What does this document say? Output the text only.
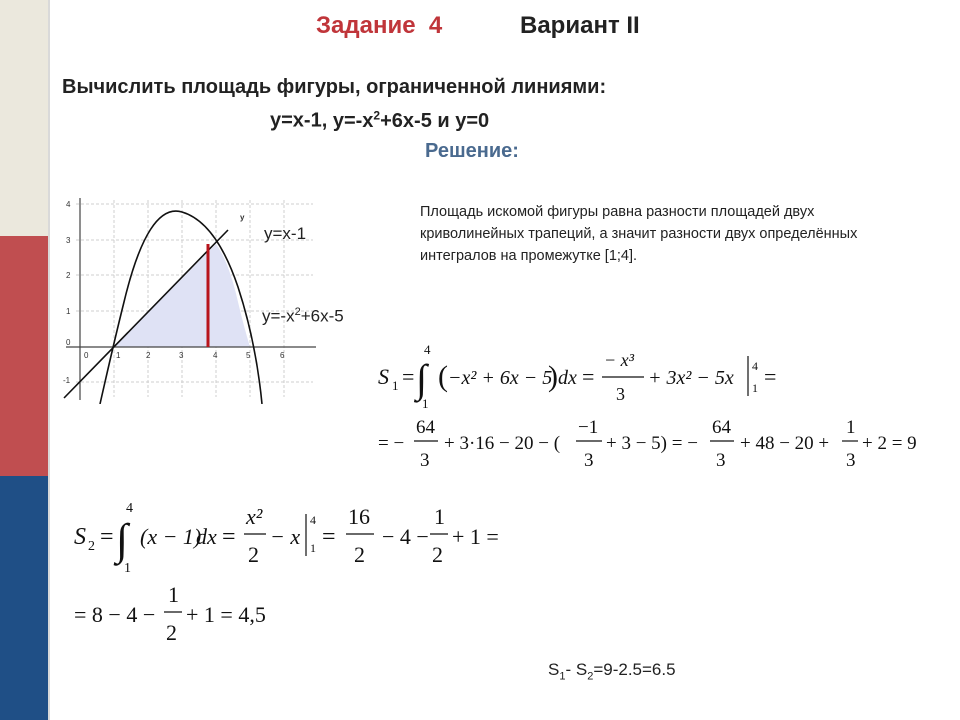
Задание  4	Вариант II
Вычислить площадь фигуры, ограниченной линиями:
y=x-1, $y=-x^2+6x-5$ и y=0
Решение:
Площадь искомой фигуры равна разности площадей двух криволинейных трапеций, а значит разности двух определённых интегралов на промежутке [1;4].
4
3
2
1
0
-1
0	1	2	3	4	5	6
y
y=x-1
$y=-x^2+6x-5$
S 1 = ∫
4
1
( −x² + 6x − 5
) dx =
− x³
3
+ 3x² − 5x
4
1 =
= −
64
3
+ 3·16 − 20 − (
−1
3
+ 3 − 5) = −
64
3
+ 48 − 20 +
1
3
+ 2 = 9
S 2 = ∫
4
1
(x − 1)
dx =
x²
2
− x
4
1 =
16
2
− 4 −
1
2
+ 1 =
= 8 − 4 −
1
2
+ 1 = 4,5
$S_1-$ $S_2=9-2.5=6.5$
